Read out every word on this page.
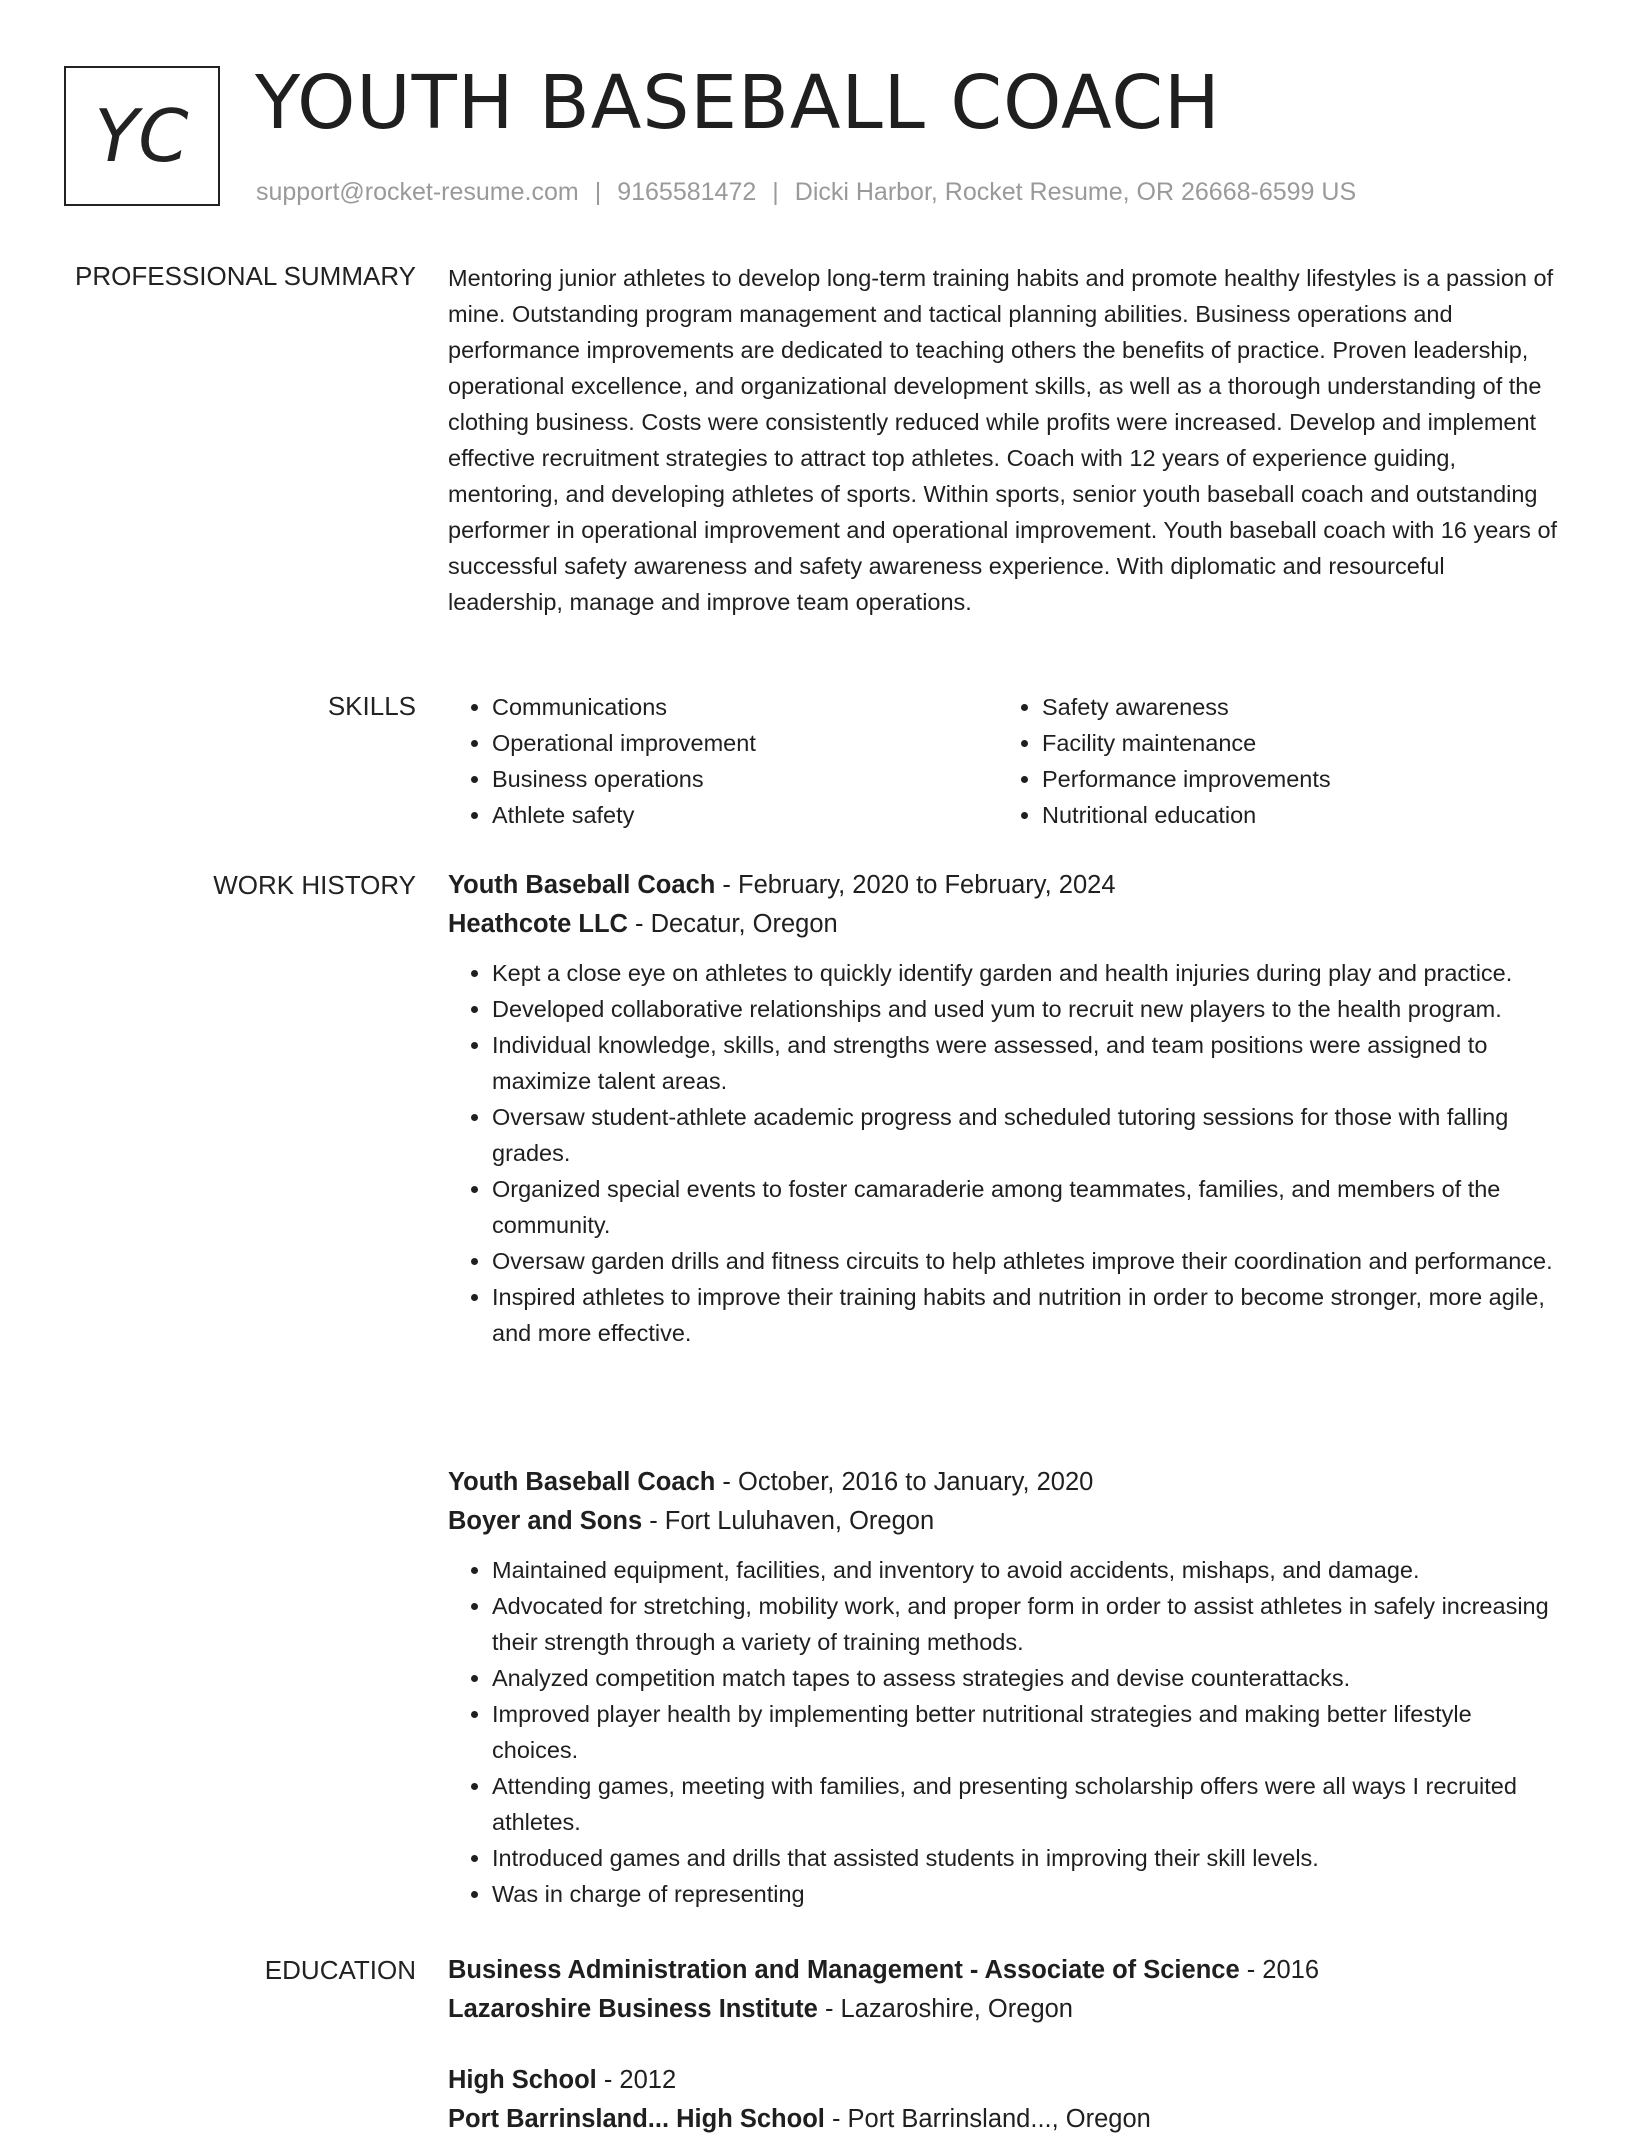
YC YOUTH BASEBALL COACH
support@rocket-resume.com | 9165581472 | Dicki Harbor, Rocket Resume, OR 26668-6599 US
PROFESSIONAL SUMMARY Mentoring junior athletes to develop long-term training habits and promote healthy lifestyles is a passion of mine. Outstanding program management and tactical planning abilities. Business operations and performance improvements are dedicated to teaching others the benefits of practice. Proven leadership, operational excellence, and organizational development skills, as well as a thorough understanding of the clothing business. Costs were consistently reduced while profits were increased. Develop and implement effective recruitment strategies to attract top athletes. Coach with 12 years of experience guiding, mentoring, and developing athletes of sports. Within sports, senior youth baseball coach and outstanding performer in operational improvement and operational improvement. Youth baseball coach with 16 years of successful safety awareness and safety awareness experience. With diplomatic and resourceful leadership, manage and improve team operations.

SKILLS
•	Communications
• Operational improvement
• Business operations
• Athlete safety
• Safety awareness
• Facility maintenance
• Performance improvements
• Nutritional education
WORK HISTORY Youth Baseball Coach - February, 2020 to February, 2024
Heathcote LLC - Decatur, Oregon
• Kept a close eye on athletes to quickly identify garden and health injuries during play and practice.
• Developed collaborative relationships and used yum to recruit new players to the health program.
• Individual knowledge, skills, and strengths were assessed, and team positions were assigned to maximize talent areas.
• Oversaw student-athlete academic progress and scheduled tutoring sessions for those with falling grades.
• Organized special events to foster camaraderie among teammates, families, and members of the community.
• Oversaw garden drills and fitness circuits to help athletes improve their coordination and performance.
• Inspired athletes to improve their training habits and nutrition in order to become stronger, more agile, and more effective.
Youth Baseball Coach - October, 2016 to January, 2020
Boyer and Sons - Fort Luluhaven, Oregon
• Maintained equipment, facilities, and inventory to avoid accidents, mishaps, and damage.
• Advocated for stretching, mobility work, and proper form in order to assist athletes in safely increasing their strength through a variety of training methods.
• Analyzed competition match tapes to assess strategies and devise counterattacks.
• Improved player health by implementing better nutritional strategies and making better lifestyle choices.
• Attending games, meeting with families, and presenting scholarship offers were all ways I recruited athletes.
• Introduced games and drills that assisted students in improving their skill levels.
• Was in charge of representing
EDUCATION Business Administration and Management - Associate of Science - 2016
Lazaroshire Business Institute - Lazaroshire, Oregon
High School - 2012
Port Barrinsland... High School - Port Barrinsland..., Oregon
